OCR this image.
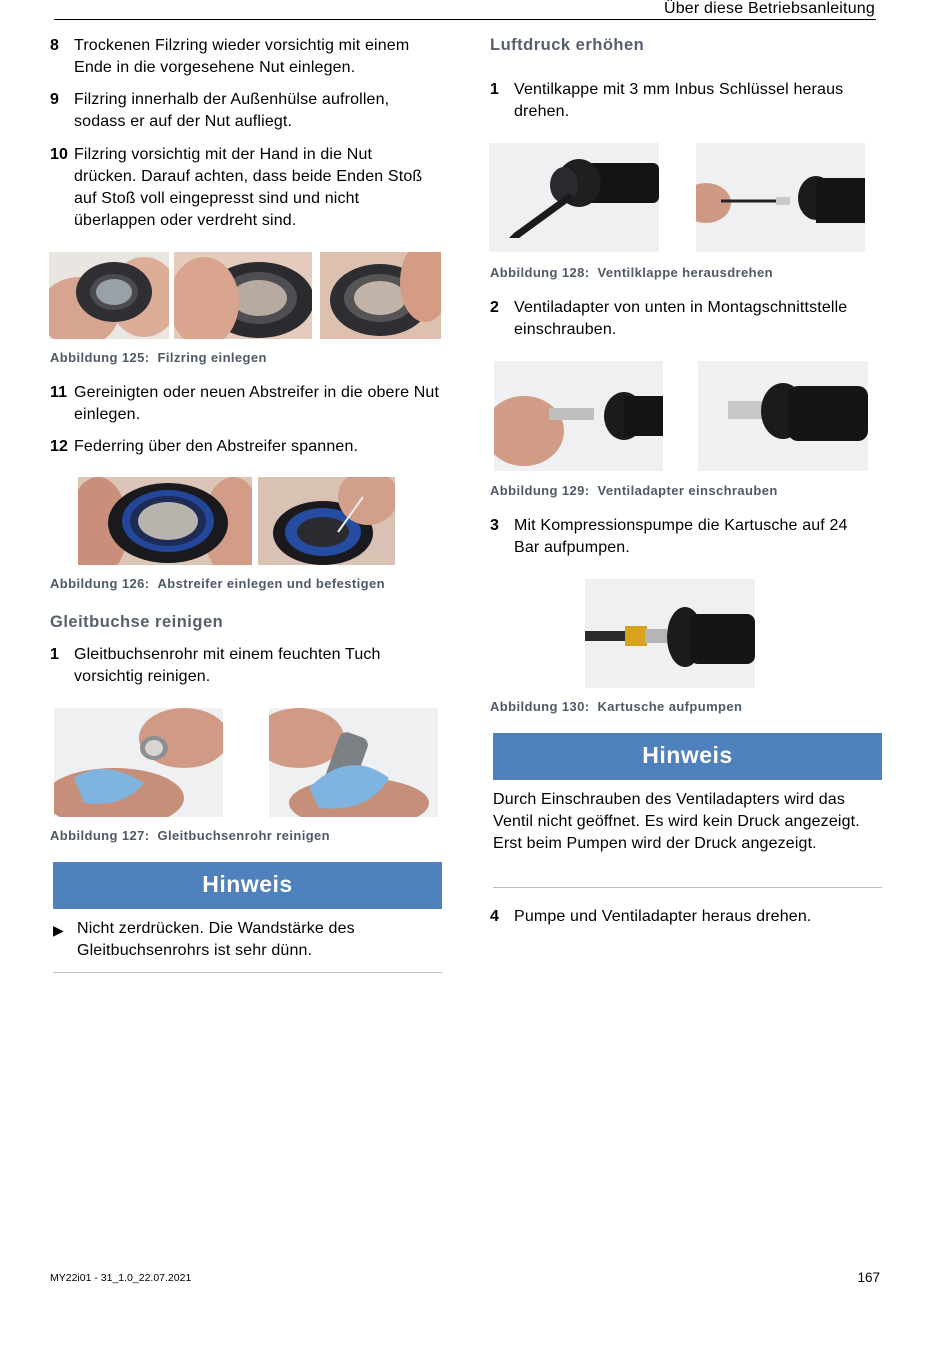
Über diese Betriebsanleitung
8 Trockenen Filzring wieder vorsichtig mit einem Ende in die vorgesehene Nut einlegen.
9 Filzring innerhalb der Außenhülse aufrollen, sodass er auf der Nut aufliegt.
10 Filzring vorsichtig mit der Hand in die Nut drücken. Darauf achten, dass beide Enden Stoß auf Stoß voll eingepresst sind und nicht überlappen oder verdreht sind.
Abbildung 125: Filzring einlegen
11 Gereinigten oder neuen Abstreifer in die obere Nut einlegen.
12 Federring über den Abstreifer spannen.
Abbildung 126: Abstreifer einlegen und befestigen
Gleitbuchse reinigen
1 Gleitbuchsenrohr mit einem feuchten Tuch vorsichtig reinigen.
Abbildung 127: Gleitbuchsenrohr reinigen
Hinweis
▶ Nicht zerdrücken. Die Wandstärke des Gleitbuchsenrohrs ist sehr dünn.
Luftdruck erhöhen
1 Ventilkappe mit 3 mm Inbus Schlüssel heraus drehen.
Abbildung 128: Ventilklappe herausdrehen
2 Ventiladapter von unten in Montagschnittstelle einschrauben.
Abbildung 129: Ventiladapter einschrauben
3 Mit Kompressionspumpe die Kartusche auf 24 Bar aufpumpen.
Abbildung 130: Kartusche aufpumpen
Hinweis
Durch Einschrauben des Ventiladapters wird das Ventil nicht geöffnet. Es wird kein Druck angezeigt. Erst beim Pumpen wird der Druck angezeigt.
4 Pumpe und Ventiladapter heraus drehen.
MY22i01 - 31_1.0_22.07.2021	167
